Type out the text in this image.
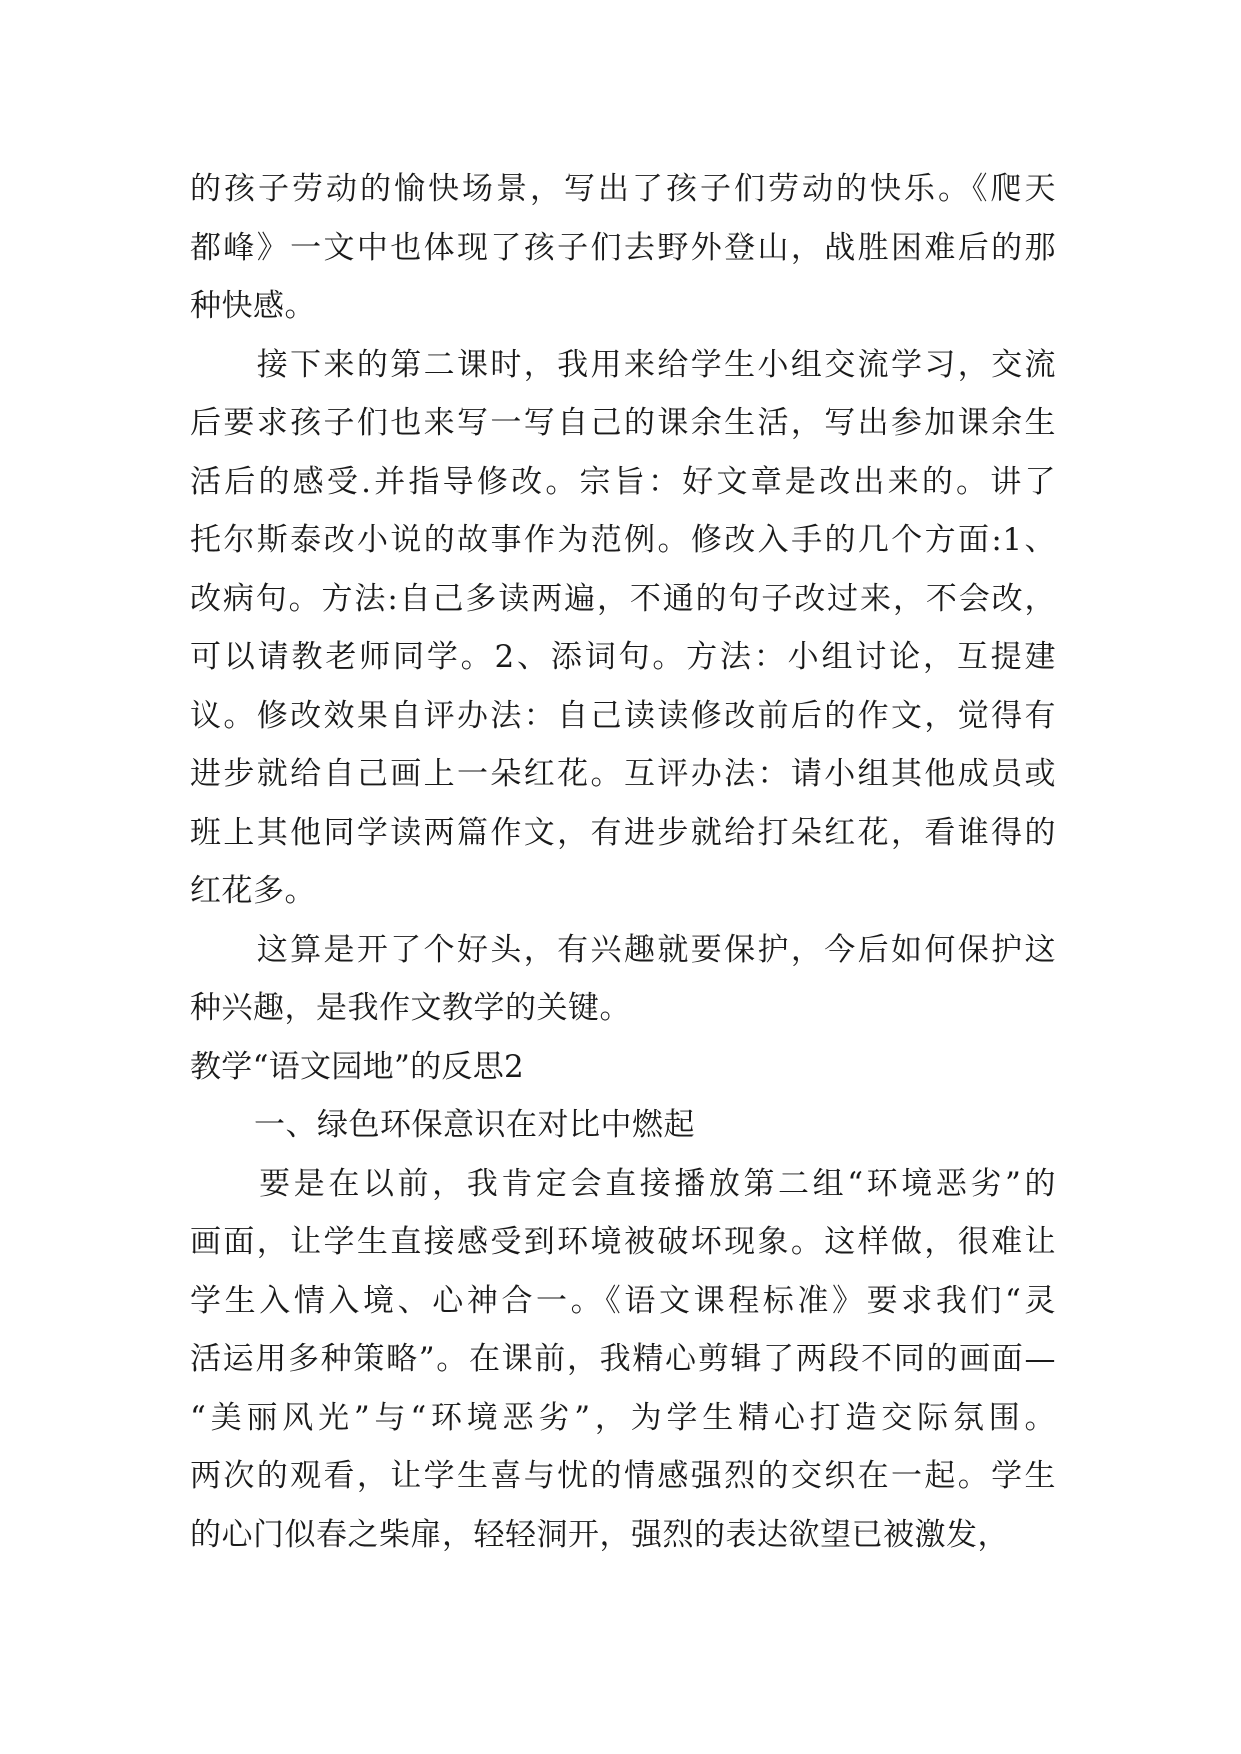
的孩子劳动的愉快场景，写出了孩子们劳动的快乐。《爬天
都峰》一文中也体现了孩子们去野外登山，战胜困难后的那
种快感。
　　接下来的第二课时，我用来给学生小组交流学习，交流
后要求孩子们也来写一写自己的课余生活，写出参加课余生
活后的感受.并指导修改。宗旨：好文章是改出来的。讲了
托尔斯泰改小说的故事作为范例。修改入手的几个方面:1、
改病句。方法:自己多读两遍，不通的句子改过来，不会改，
可以请教老师同学。2、添词句。方法：小组讨论，互提建
议。修改效果自评办法：自己读读修改前后的作文，觉得有
进步就给自己画上一朵红花。互评办法：请小组其他成员或
班上其他同学读两篇作文，有进步就给打朵红花，看谁得的
红花多。
　　这算是开了个好头，有兴趣就要保护，今后如何保护这
种兴趣，是我作文教学的关键。
教学“语文园地”的反思2
一、绿色环保意识在对比中燃起
　　要是在以前，我肯定会直接播放第二组“环境恶劣”的
画面，让学生直接感受到环境被破坏现象。这样做，很难让
学生入情入境、心神合一。《语文课程标准》要求我们“灵
活运用多种策略”。在课前，我精心剪辑了两段不同的画面—
“美丽风光”与“环境恶劣”，为学生精心打造交际氛围。
两次的观看，让学生喜与忧的情感强烈的交织在一起。学生
的心门似春之柴扉，轻轻洞开，强烈的表达欲望已被激发，
